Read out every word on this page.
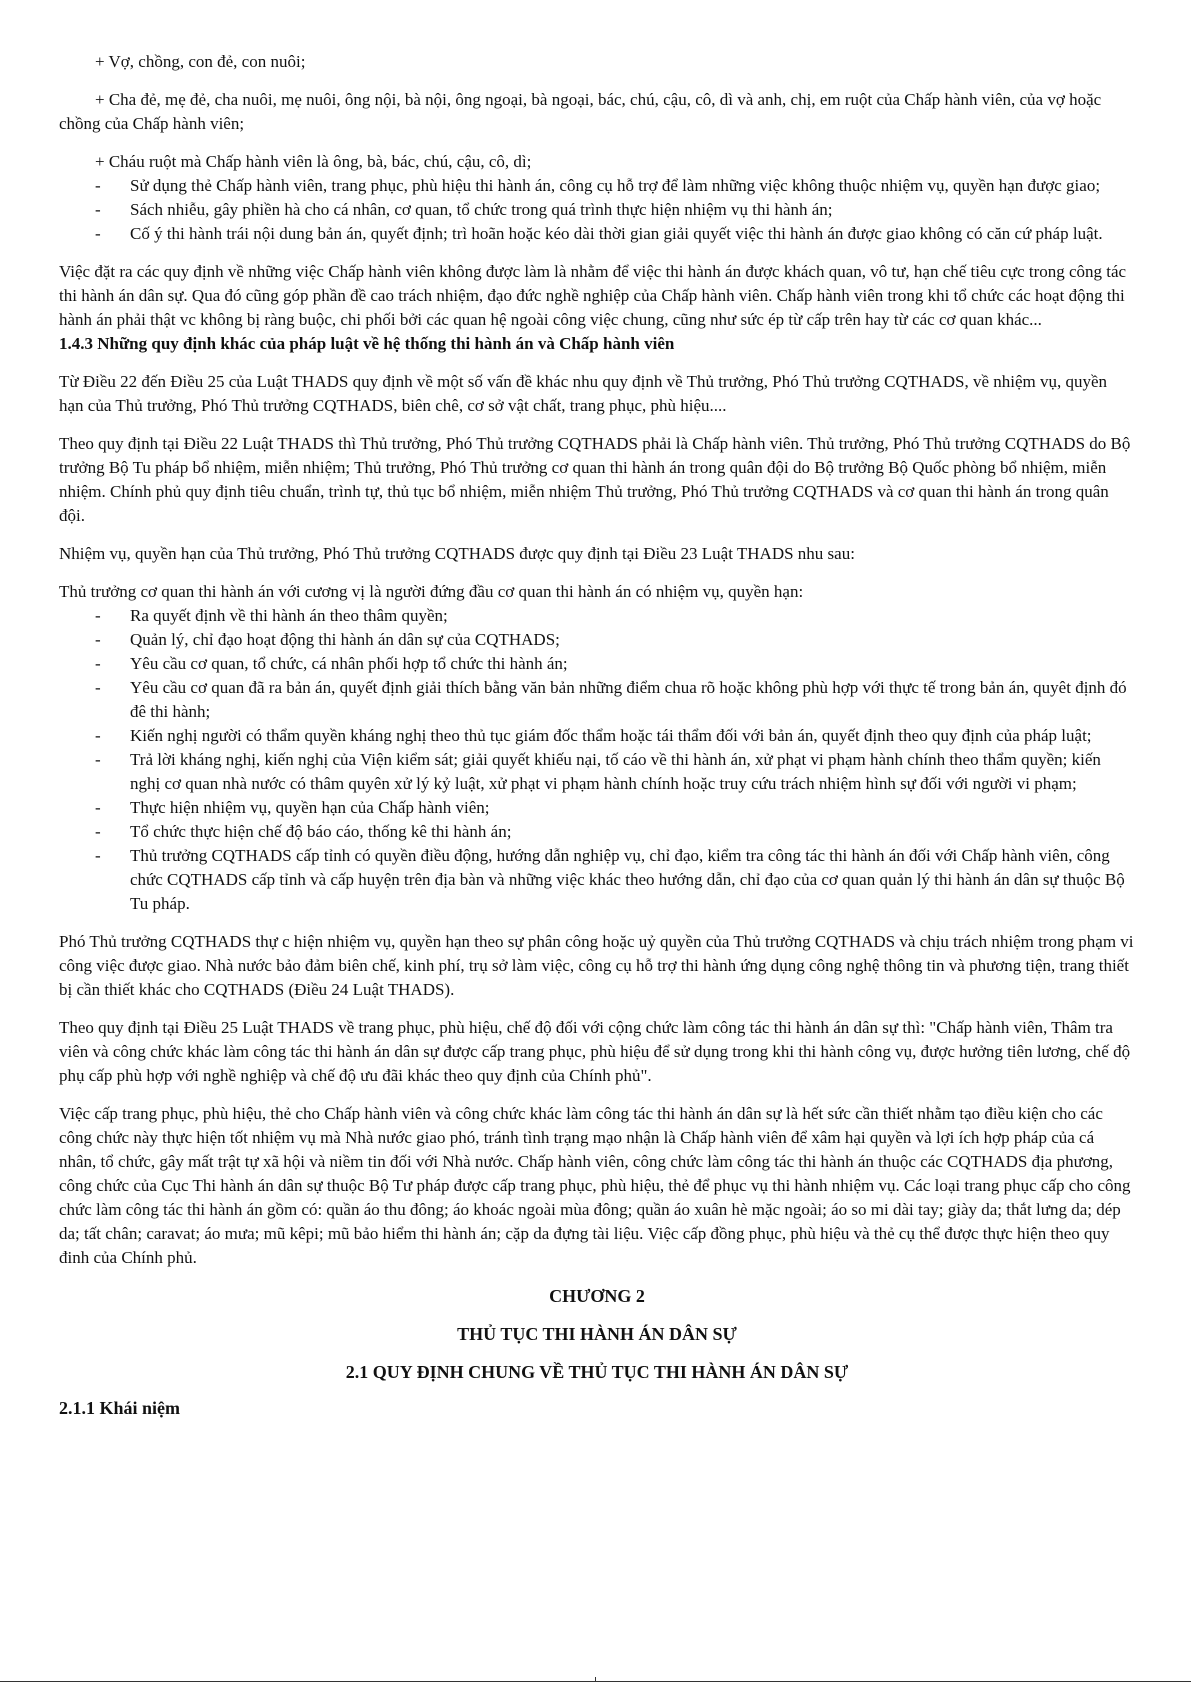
+ Vợ, chồng, con đẻ, con nuôi;

+ Cha đẻ, mẹ đẻ, cha nuôi, mẹ nuôi, ông nội, bà nội, ông ngoại, bà ngoại, bác, chú, cậu, cô, dì và anh, chị, em ruột của Chấp hành viên, của vợ hoặc chồng của Chấp hành viên;

+ Cháu ruột mà Chấp hành viên là ông, bà, bác, chú, cậu, cô, dì;

- Sử dụng thẻ Chấp hành viên, trang phục, phù hiệu thi hành án, công cụ hỗ trợ để làm những việc không thuộc nhiệm vụ, quyền hạn được giao;
- Sách nhiễu, gây phiền hà cho cá nhân, cơ quan, tổ chức trong quá trình thực hiện nhiệm vụ thi hành án;
- Cố ý thi hành trái nội dung bản án, quyết định; trì hoãn hoặc kéo dài thời gian giải quyết việc thi hành án được giao không có căn cứ pháp luật.

Việc đặt ra các quy định về những việc Chấp hành viên không được làm là nhằm để việc thi hành án được khách quan, vô tư, hạn chế tiêu cực trong công tác thi hành án dân sự. Qua đó cũng góp phần đề cao trách nhiệm, đạo đức nghề nghiệp của Chấp hành viên. Chấp hành viên trong khi tổ chức các hoạt động thi hành án phải thật vc không bị ràng buộc, chi phối bởi các quan hệ ngoài công việc chung, cũng như sức ép từ cấp trên hay từ các cơ quan khác...

1.4.3 Những quy định khác của pháp luật về hệ thống thi hành án và Chấp hành viên

Từ Điều 22 đến Điều 25 của Luật THADS quy định về một số vấn đề khác nhu quy định về Thủ trưởng, Phó Thủ trưởng CQTHADS, về nhiệm vụ, quyền hạn của Thủ trưởng, Phó Thủ trưởng CQTHADS, biên chê, cơ sở vật chất, trang phục, phù hiệu....

Theo quy định tại Điều 22 Luật THADS thì Thủ trưởng, Phó Thủ trưởng CQTHADS phải là Chấp hành viên. Thủ trưởng, Phó Thủ trưởng CQTHADS do Bộ trưởng Bộ Tu pháp bổ nhiệm, miễn nhiệm; Thủ trưởng, Phó Thủ trưởng cơ quan thi hành án trong quân đội do Bộ trưởng Bộ Quốc phòng bổ nhiệm, miễn nhiệm. Chính phủ quy định tiêu chuẩn, trình tự, thủ tục bổ nhiệm, miễn nhiệm Thủ trưởng, Phó Thủ trưởng CQTHADS và cơ quan thi hành án trong quân đội.

Nhiệm vụ, quyền hạn của Thủ trưởng, Phó Thủ trưởng CQTHADS được quy định tại Điều 23 Luật THADS nhu sau:

Thủ trưởng cơ quan thi hành án với cương vị là người đứng đầu cơ quan thi hành án có nhiệm vụ, quyền hạn:

- Ra quyết định về thi hành án theo thâm quyền;
- Quản lý, chỉ đạo hoạt động thi hành án dân sự của CQTHADS;
- Yêu cầu cơ quan, tổ chức, cá nhân phối hợp tổ chức thi hành án;
- Yêu cầu cơ quan đã ra bản án, quyết định giải thích bằng văn bản những điểm chua rõ hoặc không phù hợp với thực tế trong bản án, quyêt định đó đê thi hành;
- Kiến nghị người có thẩm quyền kháng nghị theo thủ tục giám đốc thẩm hoặc tái thẩm đối với bản án, quyết định theo quy định của pháp luật;
- Trả lời kháng nghị, kiến nghị của Viện kiểm sát; giải quyết khiếu nại, tố cáo về thi hành án, xử phạt vi phạm hành chính theo thẩm quyền; kiến nghị cơ quan nhà nước có thâm quyên xử lý kỷ luật, xử phạt vi phạm hành chính hoặc truy cứu trách nhiệm hình sự đối với người vi phạm;
- Thực hiện nhiệm vụ, quyền hạn của Chấp hành viên;
- Tổ chức thực hiện chế độ báo cáo, thống kê thi hành án;
- Thủ trưởng CQTHADS cấp tỉnh có quyền điều động, hướng dẫn nghiệp vụ, chỉ đạo, kiểm tra công tác thi hành án đối với Chấp hành viên, công chức CQTHADS cấp tỉnh và cấp huyện trên địa bàn và những việc khác theo hướng dẫn, chỉ đạo của cơ quan quản lý thi hành án dân sự thuộc Bộ Tu pháp.

Phó Thủ trưởng CQTHADS thự c hiện nhiệm vụ, quyền hạn theo sự phân công hoặc uỷ quyền của Thủ trưởng CQTHADS và chịu trách nhiệm trong phạm vi công việc được giao. Nhà nước bảo đảm biên chế, kinh phí, trụ sở làm việc, công cụ hỗ trợ thi hành ứng dụng công nghệ thông tin và phương tiện, trang thiết bị cần thiết khác cho CQTHADS (Điều 24 Luật THADS).

Theo quy định tại Điều 25 Luật THADS về trang phục, phù hiệu, chế độ đối với cộng chức làm công tác thi hành án dân sự thì: "Chấp hành viên, Thâm tra viên và công chức khác làm công tác thi hành án dân sự được cấp trang phục, phù hiệu để sử dụng trong khi thi hành công vụ, được hưởng tiên lương, chế độ phụ cấp phù hợp với nghề nghiệp và chế độ ưu đãi khác theo quy định của Chính phủ".

Việc cấp trang phục, phù hiệu, thẻ cho Chấp hành viên và công chức khác làm công tác thi hành án dân sự là hết sức cần thiết nhằm tạo điều kiện cho các công chức này thực hiện tốt nhiệm vụ mà Nhà nước giao phó, tránh tình trạng mạo nhận là Chấp hành viên để xâm hại quyền và lợi ích hợp pháp của cá nhân, tổ chức, gây mất trật tự xã hội và niềm tin đối với Nhà nước. Chấp hành viên, công chức làm công tác thi hành án thuộc các CQTHADS địa phương, công chức của Cục Thi hành án dân sự thuộc Bộ Tư pháp được cấp trang phục, phù hiệu, thẻ để phục vụ thi hành nhiệm vụ. Các loại trang phục cấp cho công chức làm công tác thi hành án gồm có: quần áo thu đông; áo khoác ngoài mùa đông; quần áo xuân hè mặc ngoài; áo so mi dài tay; giày da; thắt lưng da; dép da; tất chân; caravat; áo mưa; mũ kêpi; mũ bảo hiểm thi hành án; cặp da đựng tài liệu. Việc cấp đồng phục, phù hiệu và thẻ cụ thể được thực hiện theo quy đinh của Chính phủ.

CHƯƠNG 2

THỦ TỤC THI HÀNH ÁN DÂN SỰ

2.1 QUY ĐỊNH CHUNG VỀ THỦ TỤC THI HÀNH ÁN DÂN SỰ

2.1.1 Khái niệm
